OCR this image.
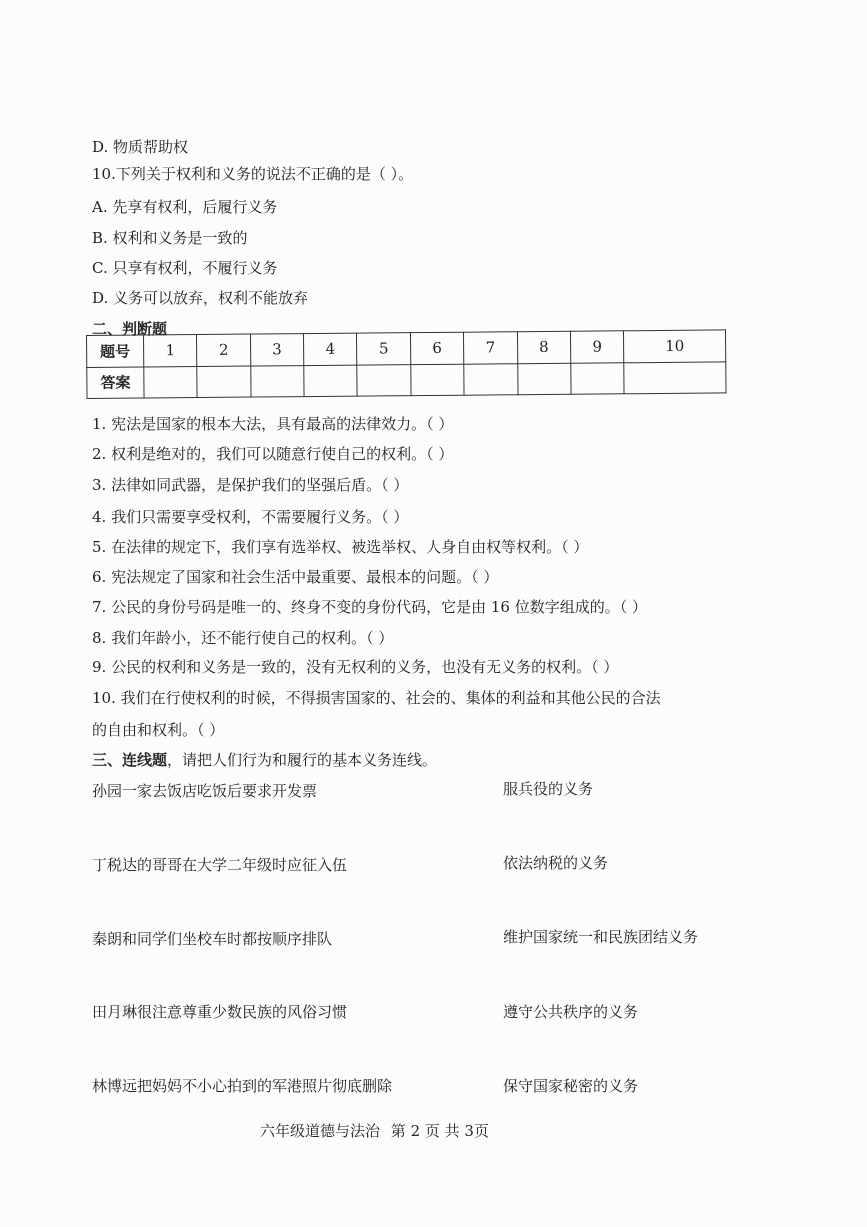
D. 物质帮助权
10.下列关于权利和义务的说法不正确的是（ ）。
A. 先享有权利，后履行义务
B. 权利和义务是一致的
C. 只享有权利，不履行义务
D. 义务可以放弃，权利不能放弃
二、判断题
题号	1	2	3	4	5	6	7	8	9	10
答案										
1. 宪法是国家的根本大法，具有最高的法律效力。（ ）
2. 权利是绝对的，我们可以随意行使自己的权利。（ ）
3. 法律如同武器，是保护我们的坚强后盾。（ ）
4. 我们只需要享受权利，不需要履行义务。（ ）
5. 在法律的规定下，我们享有选举权、被选举权、人身自由权等权利。（ ）
6. 宪法规定了国家和社会生活中最重要、最根本的问题。（ ）
7. 公民的身份号码是唯一的、终身不变的身份代码，它是由 16 位数字组成的。（ ）
8. 我们年龄小，还不能行使自己的权利。（ ）
9. 公民的权利和义务是一致的，没有无权利的义务，也没有无义务的权利。（ ）
10. 我们在行使权利的时候，不得损害国家的、社会的、集体的利益和其他公民的合法
的自由和权利。（ ）
三、连线题，请把人们行为和履行的基本义务连线。
孙园一家去饭店吃饭后要求开发票	服兵役的义务
丁税达的哥哥在大学二年级时应征入伍	依法纳税的义务
秦朗和同学们坐校车时都按顺序排队	维护国家统一和民族团结义务
田月琳很注意尊重少数民族的风俗习惯	遵守公共秩序的义务
林博远把妈妈不小心拍到的军港照片彻底删除	保守国家秘密的义务
六年级道德与法治 第 2 页 共 3页
